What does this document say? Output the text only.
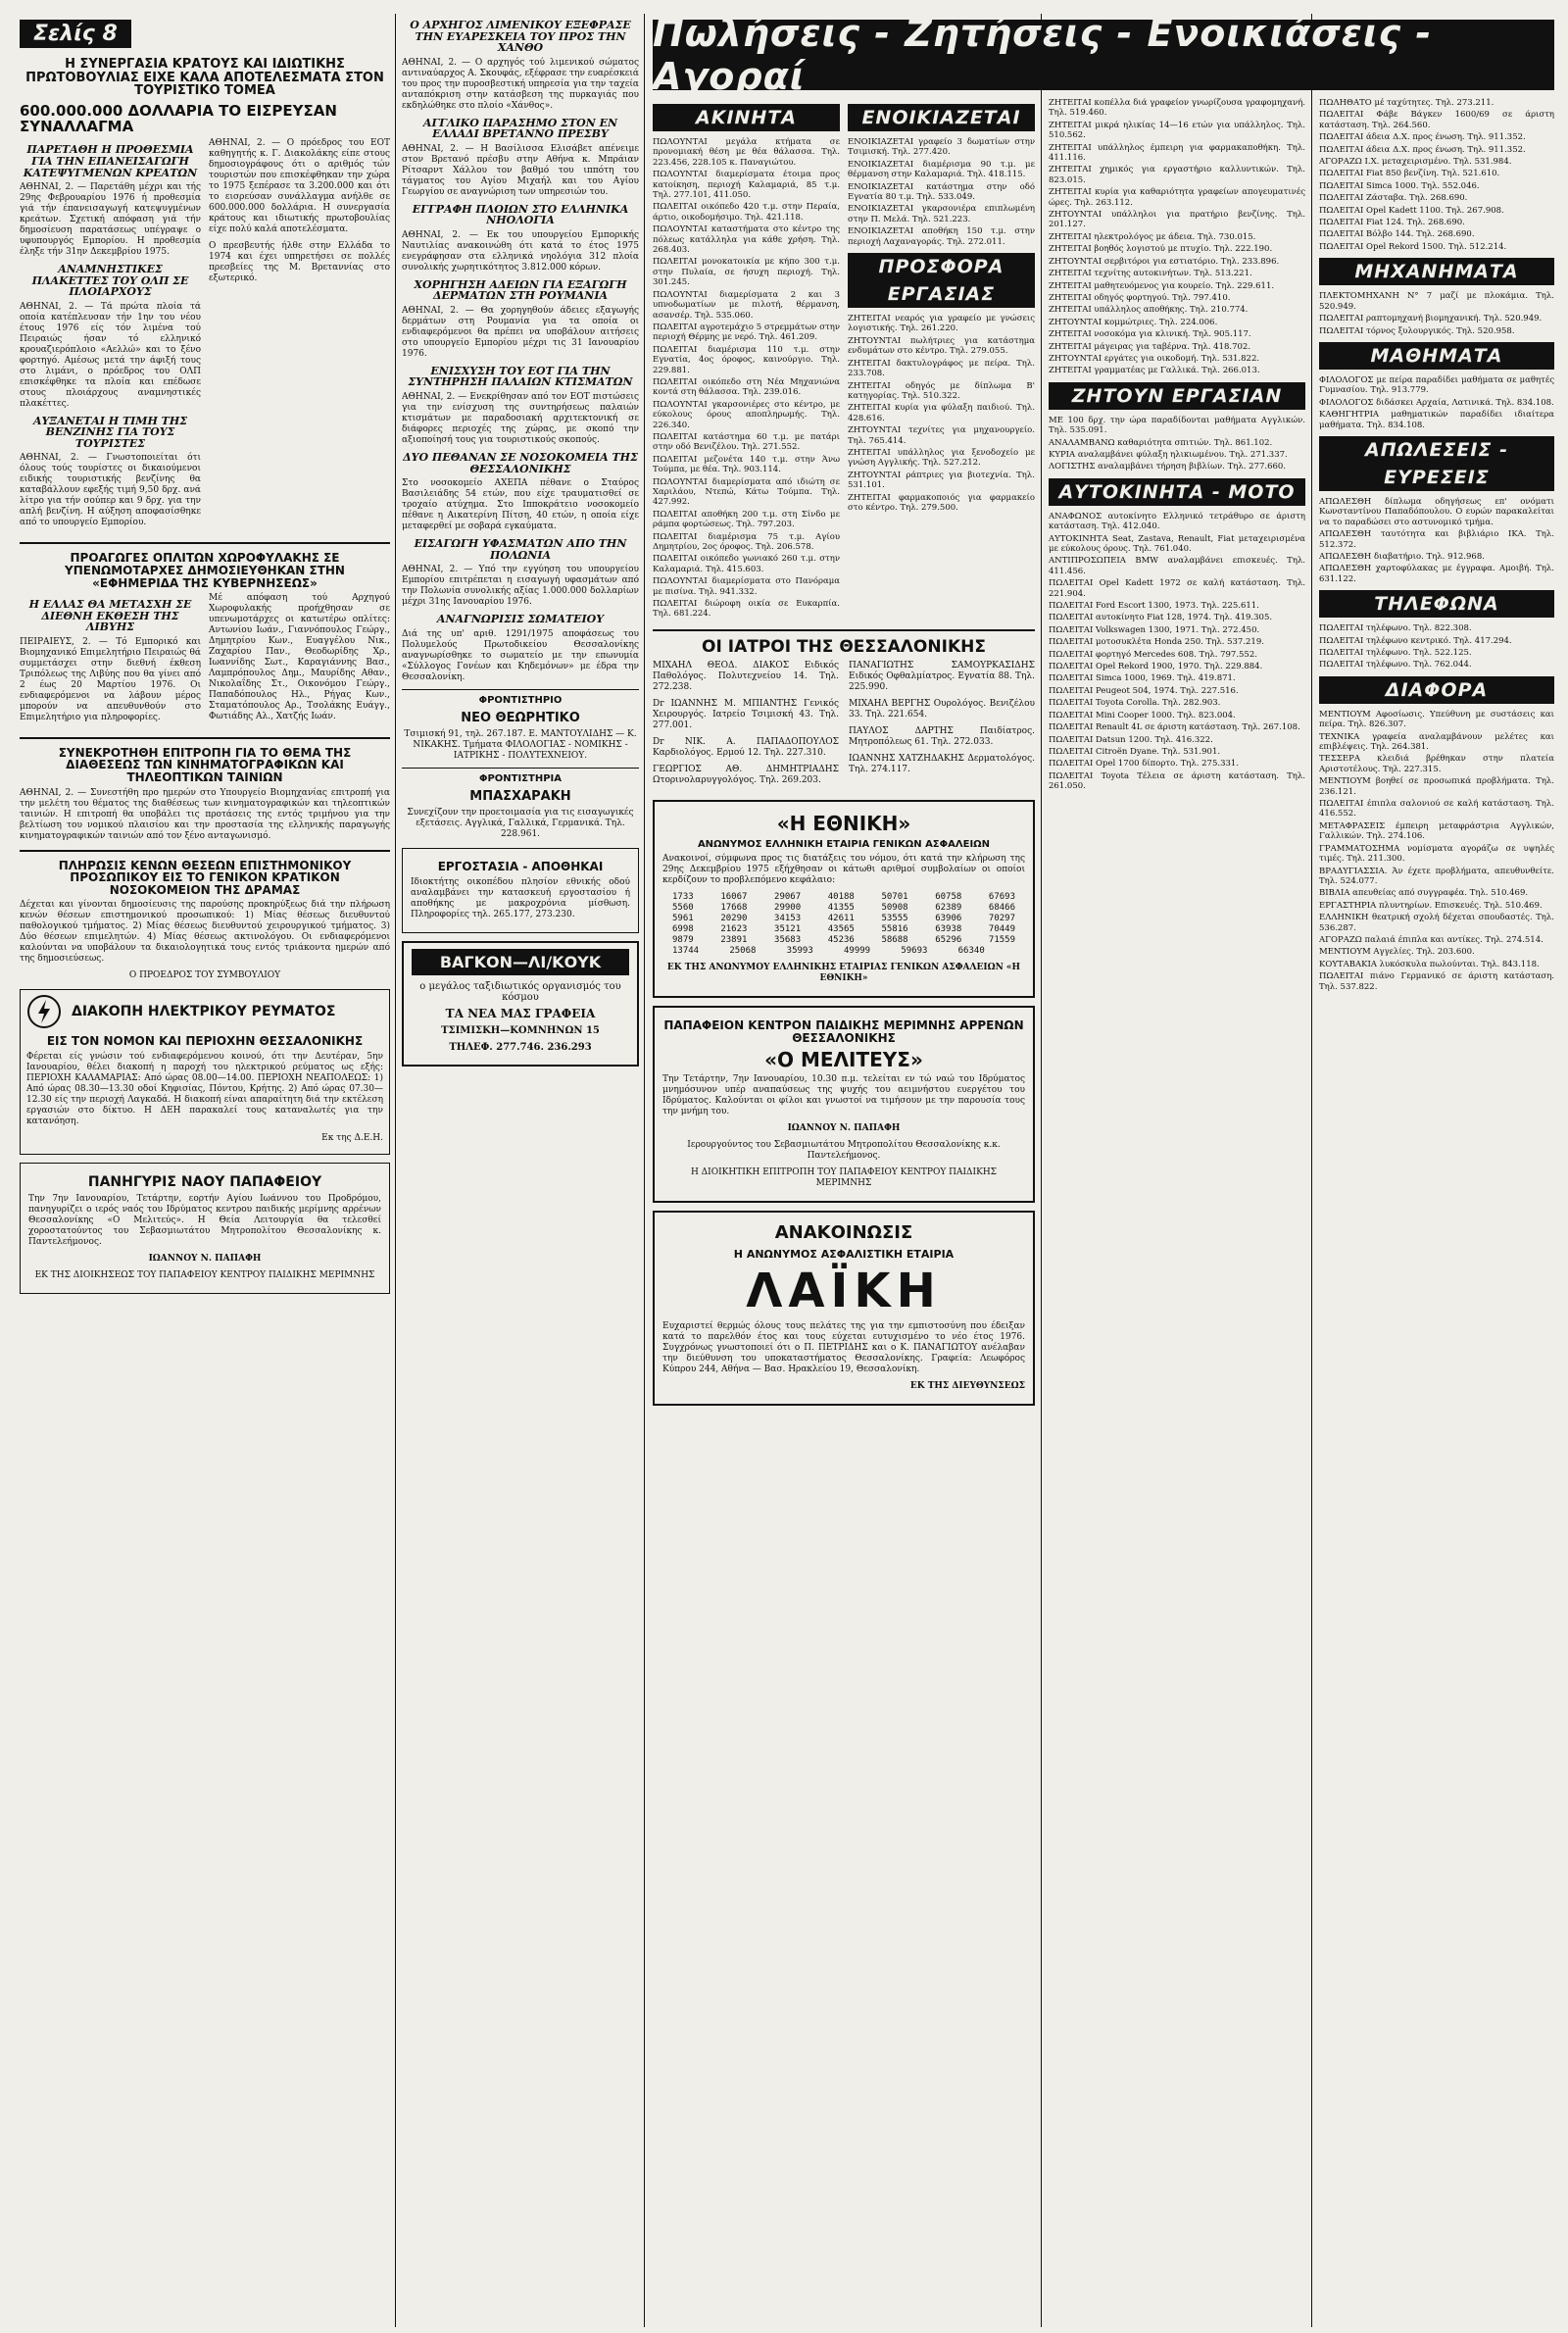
Πωλήσεις - Ζητήσεις - Ενοικιάσεις - Αγοραί
Σελίς 8
Η ΣΥΝΕΡΓΑΣΙΑ ΚΡΑΤΟΥΣ ΚΑΙ ΙΔΙΩΤΙΚΗΣ ΠΡΩΤΟΒΟΥΛΙΑΣ ΕΙΧΕ ΚΑΛΑ ΑΠΟΤΕΛΕΣΜΑΤΑ ΣΤΟΝ ΤΟΥΡΙΣΤΙΚΟ ΤΟΜΕΑ
600.000.000 ΔΟΛΛΑΡΙΑ ΤΟ ΕΙΣΡΕΥΣΑΝ ΣΥΝΑΛΛΑΓΜΑ
ΠΑΡΕΤΑΘΗ Η ΠΡΟΘΕΣΜΙΑ ΓΙΑ ΤΗΝ ΕΠΑΝΕΙΣΑΓΩΓΗ ΚΑΤΕΨΥΓΜΕΝΩΝ ΚΡΕΑΤΩΝ

ΑΘΗΝΑΙ, 2. — Παρετάθη μέχρι και τής 29ης Φεβρουαρίου 1976 ή προθεσμία γιά τήν έπανεισαγωγή κατεψυγμένων κρεάτων. Σχετική απόφαση γιά τήν δημοσίευση παρατάσεως υπέγραψε ο υφυπουργός Εμπορίου. Η προθεσμία έληξε τήν 31ην Δεκεμβρίου 1975.

ΑΝΑΜΝΗΣΤΙΚΕΣ ΠΛΑΚΕΤΤΕΣ ΤΟΥ ΟΛΠ ΣΕ ΠΛΟΙΑΡΧΟΥΣ

ΑΘΗΝΑΙ, 2. — Τά πρώτα πλοία τά οποία κατέπλευσαν τήν 1ην του νέου έτους 1976 είς τόν λιμένα τού Πειραιώς ήσαν τό ελληνικό κρουαζιερόπλοιο «Αελλώ» και το ξένο φορτηγό. Αμέσως μετά την άφιξή τους στο λιμάνι, ο πρόεδρος του ΟΛΠ επισκέφθηκε τα πλοία και επέδωσε στους πλοιάρχους αναμνηστικές πλακέττες.

ΑΥΞΑΝΕΤΑΙ Η ΤΙΜΗ ΤΗΣ ΒΕΝΖΙΝΗΣ ΓΙΑ ΤΟΥΣ ΤΟΥΡΙΣΤΕΣ

ΑΘΗΝΑΙ, 2. — Γνωστοποιείται ότι όλους τούς τουρίστες οι δικαιούμενοι ειδικής τουριστικής βενζίνης θα καταβάλλουν εφεξής τιμή 9,50 δρχ. ανά λίτρο για τήν σούπερ και 9 δρχ. για την απλή βενζίνη. Η αύξηση αποφασίσθηκε από το υπουργείο Εμπορίου.

ΑΘΗΝΑΙ, 2. — Ο πρόεδρος του ΕΟΤ καθηγητής κ. Γ. Διακολάκης είπε στους δημοσιογράφους ότι ο αριθμός τών τουριστών που επισκέφθηκαν την χώρα το 1975 ξεπέρασε τα 3.200.000 και ότι το εισρεύσαν συνάλλαγμα ανήλθε σε 600.000.000 δολλάρια. Η συνεργασία κράτους και ιδιωτικής πρωτοβουλίας είχε πολύ καλά αποτελέσματα.

Ο πρεσβευτής ήλθε στην Ελλάδα το 1974 και έχει υπηρετήσει σε πολλές πρεσβείες της Μ. Βρεταννίας στο εξωτερικό.

ΠΡΟΑΓΩΓΕΣ ΟΠΛΙΤΩΝ ΧΩΡΟΦΥΛΑΚΗΣ ΣΕ ΥΠΕΝΩΜΟΤΑΡΧΕΣ ΔΗΜΟΣΙΕΥΘΗΚΑΝ ΣΤΗΝ «ΕΦΗΜΕΡΙΔΑ ΤΗΣ ΚΥΒΕΡΝΗΣΕΩΣ»
Η ΕΛΛΑΣ ΘΑ ΜΕΤΑΣΧΗ ΣΕ ΔΙΕΘΝΗ ΕΚΘΕΣΗ ΤΗΣ ΛΙΒΥΗΣ

ΠΕΙΡΑΙΕΥΣ, 2. — Τό Εμπορικό και Βιομηχανικό Επιμελητήριο Πειραιώς θά συμμετάσχει στην διεθνή έκθεση Τριπόλεως της Λιβύης που θα γίνει από 2 έως 20 Μαρτίου 1976. Οι ενδιαφερόμενοι να λάβουν μέρος μπορούν να απευθυνθούν στο Επιμελητήριο για πληροφορίες.

Μέ απόφαση τού Αρχηγού Χωροφυλακής προήχθησαν σε υπενωμοτάρχες οι κατωτέρω οπλίτες: Αντωνίου Ιωάν., Γιαννόπουλος Γεώργ., Δημητρίου Κων., Ευαγγέλου Νικ., Ζαχαρίου Παν., Θεοδωρίδης Χρ., Ιωαννίδης Σωτ., Καραγιάννης Βασ., Λαμπρόπουλος Δημ., Μαυρίδης Αθαν., Νικολαΐδης Στ., Οικονόμου Γεώργ., Παπαδόπουλος Ηλ., Ρήγας Κων., Σταματόπουλος Αρ., Τσολάκης Ευάγγ., Φωτιάδης Αλ., Χατζής Ιωάν.

ΣΥΝΕΚΡΟΤΗΘΗ ΕΠΙΤΡΟΠΗ ΓΙΑ ΤΟ ΘΕΜΑ ΤΗΣ ΔΙΑΘΕΣΕΩΣ ΤΩΝ ΚΙΝΗΜΑΤΟΓΡΑΦΙΚΩΝ ΚΑΙ ΤΗΛΕΟΠΤΙΚΩΝ ΤΑΙΝΙΩΝ

ΑΘΗΝΑΙ, 2. — Συνεστήθη προ ημερών στο Υπουργείο Βιομηχανίας επιτροπή για την μελέτη του θέματος της διαθέσεως των κινηματογραφικών και τηλεοπτικών ταινιών. Η επιτροπή θα υποβάλει τις προτάσεις της εντός τριμήνου για την βελτίωση του νομικού πλαισίου και την προστασία της ελληνικής παραγωγής κινηματογραφικών ταινιών από τον ξένο ανταγωνισμό.

ΠΛΗΡΩΣΙΣ ΚΕΝΩΝ ΘΕΣΕΩΝ ΕΠΙΣΤΗΜΟΝΙΚΟΥ ΠΡΟΣΩΠΙΚΟΥ ΕΙΣ ΤΟ ΓΕΝΙΚΟΝ ΚΡΑΤΙΚΟΝ ΝΟΣΟΚΟΜΕΙΟΝ ΤΗΣ ΔΡΑΜΑΣ

Δέχεται και γίνονται δημοσίευσις της παρούσης προκηρύξεως διά την πλήρωση κενών θέσεων επιστημονικού προσωπικού: 1) Μίας θέσεως διευθυντού παθολογικού τμήματος. 2) Μίας θέσεως διευθυντού χειρουργικού τμήματος. 3) Δύο θέσεων επιμελητών. 4) Μίας θέσεως ακτινολόγου. Οι ενδιαφερόμενοι καλούνται να υποβάλουν τα δικαιολογητικά τους εντός τριάκοντα ημερών από της δημοσιεύσεως.

Ο ΠΡΟΕΔΡΟΣ ΤΟΥ ΣΥΜΒΟΥΛΙΟΥ

ΔΙΑΚΟΠΗ ΗΛΕΚΤΡΙΚΟΥ ΡΕΥΜΑΤΟΣ
ΕΙΣ ΤΟΝ ΝΟΜΟΝ ΚΑΙ ΠΕΡΙΟΧΗΝ ΘΕΣΣΑΛΟΝΙΚΗΣ

Φέρεται είς γνώσιν τού ενδιαφερόμενου κοινού, ότι την Δευτέραν, 5ην Ιανουαρίου, θέλει διακοπή η παροχή του ηλεκτρικού ρεύματος ως εξής: ΠΕΡΙΟΧΗ ΚΑΛΑΜΑΡΙΑΣ: Από ώρας 08.00—14.00. ΠΕΡΙΟΧΗ ΝΕΑΠΟΛΕΩΣ: 1) Από ώρας 08.30—13.30 οδοί Κηφισίας, Πόντου, Κρήτης. 2) Από ώρας 07.30—12.30 είς την περιοχή Λαγκαδά. Η διακοπή είναι απαραίτητη διά την εκτέλεση εργασιών στο δίκτυο. Η ΔΕΗ παρακαλεί τους καταναλωτές για την κατανόηση.

Εκ της Δ.Ε.Η.

ΠΑΝΗΓΥΡΙΣ ΝΑΟΥ ΠΑΠΑΦΕΙΟΥ

Την 7ην Ιανουαρίου, Τετάρτην, εορτήν Αγίου Ιωάννου του Προδρόμου, πανηγυρίζει ο ιερός ναός του Ιδρύματος κεντρου παιδικής μερίμνης αρρένων Θεσσαλονίκης «Ο Μελιτεύς». Η Θεία Λειτουργία θα τελεσθεί χοροστατούντος του Σεβασμιωτάτου Μητροπολίτου Θεσσαλονίκης κ. Παντελεήμονος.

ΙΩΑΝΝΟΥ Ν. ΠΑΠΑΦΗ

ΕΚ ΤΗΣ ΔΙΟΙΚΗΣΕΩΣ ΤΟΥ ΠΑΠΑΦΕΙΟΥ ΚΕΝΤΡΟΥ ΠΑΙΔΙΚΗΣ ΜΕΡΙΜΝΗΣ

Ο ΑΡΧΗΓΟΣ ΛΙΜΕΝΙΚΟΥ ΕΞΕΦΡΑΣΕ ΤΗΝ ΕΥΑΡΕΣΚΕΙΑ ΤΟΥ ΠΡΟΣ ΤΗΝ ΧΑΝΘΟ

ΑΘΗΝΑΙ, 2. — Ο αρχηγός τού λιμενικού σώματος αντιναύαρχος Α. Σκουφάς, εξέφρασε την ευαρέσκειά του προς την πυροσβεστική υπηρεσία για την ταχεία ανταπόκριση στην κατάσβεση της πυρκαγιάς που εκδηλώθηκε στο πλοίο «Χάνθος».

ΑΓΓΛΙΚΟ ΠΑΡΑΣΗΜΟ ΣΤΟΝ ΕΝ ΕΛΛΑΔΙ ΒΡΕΤΑΝΝΟ ΠΡΕΣΒΥ

ΑΘΗΝΑΙ, 2. — Η Βασίλισσα Ελισάβετ απένειμε στον Βρετανό πρέσβυ στην Αθήνα κ. Μπράιαν Ρίτσαρντ Χάλλου τον βαθμό του ιππότη του τάγματος του Αγίου Μιχαήλ και του Αγίου Γεωργίου σε αναγνώριση των υπηρεσιών του.

ΕΓΓΡΑΦΗ ΠΛΟΙΩΝ ΣΤΟ ΕΛΛΗΝΙΚΑ ΝΗΟΛΟΓΙΑ

ΑΘΗΝΑΙ, 2. — Εκ του υπουργείου Εμπορικής Ναυτιλίας ανακοινώθη ότι κατά το έτος 1975 ενεγράφησαν στα ελληνικά νηολόγια 312 πλοία συνολικής χωρητικότητος 3.812.000 κόρων.

ΧΟΡΗΓΗΣΗ ΑΔΕΙΩΝ ΓΙΑ ΕΞΑΓΩΓΗ ΔΕΡΜΑΤΩΝ ΣΤΗ ΡΟΥΜΑΝΙΑ

ΑΘΗΝΑΙ, 2. — Θα χορηγηθούν άδειες εξαγωγής δερμάτων στη Ρουμανία για τα οποία οι ενδιαφερόμενοι θα πρέπει να υποβάλουν αιτήσεις στο υπουργείο Εμπορίου μέχρι τις 31 Ιανουαρίου 1976.

ΕΝΙΣΧΥΣΗ ΤΟΥ ΕΟΤ ΓΙΑ ΤΗΝ ΣΥΝΤΗΡΗΣΗ ΠΑΛΑΙΩΝ ΚΤΙΣΜΑΤΩΝ

ΑΘΗΝΑΙ, 2. — Ενεκρίθησαν από τον ΕΟΤ πιστώσεις για την ενίσχυση της συντηρήσεως παλαιών κτισμάτων με παραδοσιακή αρχιτεκτονική σε διάφορες περιοχές της χώρας, με σκοπό την αξιοποίησή τους για τουριστικούς σκοπούς.

ΔΥΟ ΠΕΘΑΝΑΝ ΣΕ ΝΟΣΟΚΟΜΕΙΑ ΤΗΣ ΘΕΣΣΑΛΟΝΙΚΗΣ

Στο νοσοκομείο ΑΧΕΠΑ πέθανε ο Σταύρος Βασιλειάδης 54 ετών, που είχε τραυματισθεί σε τροχαίο ατύχημα. Στο Ιπποκράτειο νοσοκομείο πέθανε η Αικατερίνη Πίτση, 40 ετών, η οποία είχε μεταφερθεί με σοβαρά εγκαύματα.

ΕΙΣΑΓΩΓΗ ΥΦΑΣΜΑΤΩΝ ΑΠΟ ΤΗΝ ΠΟΛΩΝΙΑ

ΑΘΗΝΑΙ, 2. — Υπό την εγγύηση του υπουργείου Εμπορίου επιτρέπεται η εισαγωγή υφασμάτων από την Πολωνία συνολικής αξίας 1.000.000 δολλαρίων μέχρι 31ης Ιανουαρίου 1976.

ΑΝΑΓΝΩΡΙΣΙΣ ΣΩΜΑΤΕΙΟΥ

Διά της υπ' αριθ. 1291/1975 αποφάσεως του Πολυμελούς Πρωτοδικείου Θεσσαλονίκης αναγνωρίσθηκε το σωματείο με την επωνυμία «Σύλλογος Γονέων και Κηδεμόνων» με έδρα την Θεσσαλονίκη.

ΦΡΟΝΤΙΣΤΗΡΙΟ
ΝΕΟ ΘΕΩΡΗΤΙΚΟ

Τσιμισκή 91, τηλ. 267.187. Ε. ΜΑΝΤΟΥΛΙΔΗΣ — Κ. ΝΙΚΑΚΗΣ. Τμήματα ΦΙΛΟΛΟΓΙΑΣ - ΝΟΜΙΚΗΣ - ΙΑΤΡΙΚΗΣ - ΠΟΛΥΤΕΧΝΕΙΟΥ.

ΦΡΟΝΤΙΣΤΗΡΙΑ
ΜΠΑΣΧΑΡΑΚΗ

Συνεχίζουν την προετοιμασία για τις εισαγωγικές εξετάσεις. Αγγλικά, Γαλλικά, Γερμανικά. Τηλ. 228.961.

ΕΡΓΟΣΤΑΣΙΑ - ΑΠΟΘΗΚΑΙ

Ιδιοκτήτης οικοπέδου πλησίον εθνικής οδού αναλαμβάνει την κατασκευή εργοστασίου ή αποθήκης με μακροχρόνια μίσθωση. Πληροφορίες τηλ. 265.177, 273.230.

ΒΑΓΚΟΝ—ΛΙ/ΚΟΥΚ

ο μεγάλος ταξιδιωτικός οργανισμός του κόσμου

ΤΑ ΝΕΑ ΜΑΣ ΓΡΑΦΕΙΑ

ΤΣΙΜΙΣΚΗ—ΚΟΜΝΗΝΩΝ 15

ΤΗΛΕΦ. 277.746. 236.293

ΑΚΙΝΗΤΑ

ΠΩΛΟΥΝΤΑΙ μεγάλα κτήματα σε προνομιακή θέση με θέα θάλασσα. Τηλ. 223.456, 228.105 κ. Παναγιώτου.

ΠΩΛΟΥΝΤΑΙ διαμερίσματα έτοιμα προς κατοίκηση, περιοχή Καλαμαριά, 85 τ.μ. Τηλ. 277.101, 411.050.

ΠΩΛΕΙΤΑΙ οικόπεδο 420 τ.μ. στην Περαία, άρτιο, οικοδομήσιμο. Τηλ. 421.118.

ΠΩΛΟΥΝΤΑΙ καταστήματα στο κέντρο της πόλεως κατάλληλα για κάθε χρήση. Τηλ. 268.403.

ΠΩΛΕΙΤΑΙ μονοκατοικία με κήπο 300 τ.μ. στην Πυλαία, σε ήσυχη περιοχή. Τηλ. 301.245.

ΠΩΛΟΥΝΤΑΙ διαμερίσματα 2 και 3 υπνοδωματίων με πιλοτή, θέρμανση, ασανσέρ. Τηλ. 535.060.

ΠΩΛΕΙΤΑΙ αγροτεμάχιο 5 στρεμμάτων στην περιοχή Θέρμης με νερό. Τηλ. 461.209.

ΠΩΛΕΙΤΑΙ διαμέρισμα 110 τ.μ. στην Εγνατία, 4ος όροφος, καινούργιο. Τηλ. 229.881.

ΠΩΛΕΙΤΑΙ οικόπεδο στη Νέα Μηχανιώνα κοντά στη θάλασσα. Τηλ. 239.016.

ΠΩΛΟΥΝΤΑΙ γκαρσονιέρες στο κέντρο, με εύκολους όρους αποπληρωμής. Τηλ. 226.340.

ΠΩΛΕΙΤΑΙ κατάστημα 60 τ.μ. με πατάρι στην οδό Βενιζέλου. Τηλ. 271.552.

ΠΩΛΕΙΤΑΙ μεζονέτα 140 τ.μ. στην Άνω Τούμπα, με θέα. Τηλ. 903.114.

ΠΩΛΟΥΝΤΑΙ διαμερίσματα από ιδιώτη σε Χαριλάου, Ντεπώ, Κάτω Τούμπα. Τηλ. 427.992.

ΠΩΛΕΙΤΑΙ αποθήκη 200 τ.μ. στη Σίνδο με ράμπα φορτώσεως. Τηλ. 797.203.

ΠΩΛΕΙΤΑΙ διαμέρισμα 75 τ.μ. Αγίου Δημητρίου, 2ος όροφος. Τηλ. 206.578.

ΠΩΛΕΙΤΑΙ οικόπεδο γωνιακό 260 τ.μ. στην Καλαμαριά. Τηλ. 415.603.

ΠΩΛΟΥΝΤΑΙ διαμερίσματα στο Πανόραμα με πισίνα. Τηλ. 941.332.

ΠΩΛΕΙΤΑΙ διώροφη οικία σε Ευκαρπία. Τηλ. 681.224.

ΕΝΟΙΚΙΑΖΕΤΑΙ

ΕΝΟΙΚΙΑΖΕΤΑΙ γραφείο 3 δωματίων στην Τσιμισκή. Τηλ. 277.420.

ΕΝΟΙΚΙΑΖΕΤΑΙ διαμέρισμα 90 τ.μ. με θέρμανση στην Καλαμαριά. Τηλ. 418.115.

ΕΝΟΙΚΙΑΖΕΤΑΙ κατάστημα στην οδό Εγνατία 80 τ.μ. Τηλ. 533.049.

ΕΝΟΙΚΙΑΖΕΤΑΙ γκαρσονιέρα επιπλωμένη στην Π. Μελά. Τηλ. 521.223.

ΕΝΟΙΚΙΑΖΕΤΑΙ αποθήκη 150 τ.μ. στην περιοχή Λαχαναγοράς. Τηλ. 272.011.

ΠΡΟΣΦΟΡΑ ΕΡΓΑΣΙΑΣ

ΖΗΤΕΙΤΑΙ νεαρός για γραφείο με γνώσεις λογιστικής. Τηλ. 261.220.

ΖΗΤΟΥΝΤΑΙ πωλήτριες για κατάστημα ενδυμάτων στο κέντρο. Τηλ. 279.055.

ΖΗΤΕΙΤΑΙ δακτυλογράφος με πείρα. Τηλ. 233.708.

ΖΗΤΕΙΤΑΙ οδηγός με δίπλωμα Β' κατηγορίας. Τηλ. 510.322.

ΖΗΤΕΙΤΑΙ κυρία για φύλαξη παιδιού. Τηλ. 428.616.

ΖΗΤΟΥΝΤΑΙ τεχνίτες για μηχανουργείο. Τηλ. 765.414.

ΖΗΤΕΙΤΑΙ υπάλληλος για ξενοδοχείο με γνώση Αγγλικής. Τηλ. 527.212.

ΖΗΤΟΥΝΤΑΙ ράπτριες για βιοτεχνία. Τηλ. 531.101.

ΖΗΤΕΙΤΑΙ φαρμακοποιός για φαρμακείο στο κέντρο. Τηλ. 279.500.

ΟΙ ΙΑΤΡΟΙ ΤΗΣ ΘΕΣΣΑΛΟΝΙΚΗΣ

ΜΙΧΑΗΛ ΘΕΟΔ. ΔΙΑΚΟΣ Ειδικός Παθολόγος. Πολυτεχνείου 14. Τηλ. 272.238.

Dr ΙΩΑΝΝΗΣ Μ. ΜΠΙΑΝΤΗΣ Γενικός Χειρουργός. Ιατρείο Τσιμισκή 43. Τηλ. 277.001.

Dr ΝΙΚ. Α. ΠΑΠΑΔΟΠΟΥΛΟΣ Καρδιολόγος. Ερμού 12. Τηλ. 227.310.

ΓΕΩΡΓΙΟΣ ΑΘ. ΔΗΜΗΤΡΙΑΔΗΣ Ωτορινολαρυγγολόγος. Τηλ. 269.203.

ΠΑΝΑΓΙΩΤΗΣ ΣΑΜΟΥΡΚΑΣΙΔΗΣ Ειδικός Οφθαλμίατρος. Εγνατία 88. Τηλ. 225.990.

ΜΙΧΑΗΛ ΒΕΡΓΗΣ Ουρολόγος. Βενιζέλου 33. Τηλ. 221.654.

ΠΑΥΛΟΣ ΔΑΡΤΗΣ Παιδίατρος. Μητροπόλεως 61. Τηλ. 272.033.

ΙΩΑΝΝΗΣ ΧΑΤΖΗΔΑΚΗΣ Δερματολόγος. Τηλ. 274.117.

«Η ΕΘΝΙΚΗ»
ΑΝΩΝΥΜΟΣ ΕΛΛΗΝΙΚΗ ΕΤΑΙΡΙΑ ΓΕΝΙΚΩΝ ΑΣΦΑΛΕΙΩΝ

Ανακοινοί, σύμφωνα προς τις διατάξεις του νόμου, ότι κατά την κλήρωση της 29ης Δεκεμβρίου 1975 εξήχθησαν οι κάτωθι αριθμοί συμβολαίων οι οποίοι κερδίζουν το προβλεπόμενο κεφάλαιο:

1733	16067	29067	40188	50701	60758	67693
5560	17668	29900	41355	50908	62389	68466
5961	20290	34153	42611	53555	63906	70297
6998	21623	35121	43565	55816	63938	70449
9879	23891	35683	45236	58688	65296	71559
13744	25068	35993	49999	59693	66340

ΕΚ ΤΗΣ ΑΝΩΝΥΜΟΥ ΕΛΛΗΝΙΚΗΣ ΕΤΑΙΡΙΑΣ ΓΕΝΙΚΩΝ ΑΣΦΑΛΕΙΩΝ «Η ΕΘΝΙΚΗ»

ΠΑΠΑΦΕΙΟΝ ΚΕΝΤΡΟΝ ΠΑΙΔΙΚΗΣ ΜΕΡΙΜΝΗΣ ΑΡΡΕΝΩΝ ΘΕΣΣΑΛΟΝΙΚΗΣ
«Ο ΜΕΛΙΤΕΥΣ»

Την Τετάρτην, 7ην Ιανουαρίου, 10.30 π.μ. τελείται εν τώ ναώ του Ιδρύματος μνημόσυνον υπέρ αναπαύσεως της ψυχής του αειμνήστου ευεργέτου του Ιδρύματος. Καλούνται οι φίλοι και γνωστοί να τιμήσουν με την παρουσία τους την μνήμη του.

ΙΩΑΝΝΟΥ Ν. ΠΑΠΑΦΗ

Ιερουργούντος του Σεβασμιωτάτου Μητροπολίτου Θεσσαλονίκης κ.κ. Παντελεήμονος.

Η ΔΙΟΙΚΗΤΙΚΗ ΕΠΙΤΡΟΠΗ ΤΟΥ ΠΑΠΑΦΕΙΟΥ ΚΕΝΤΡΟΥ ΠΑΙΔΙΚΗΣ ΜΕΡΙΜΝΗΣ

ΑΝΑΚΟΙΝΩΣΙΣ
Η ΑΝΩΝΥΜΟΣ ΑΣΦΑΛΙΣΤΙΚΗ ΕΤΑΙΡΙΑ
ΛΑΪΚΗ

Ευχαριστεί θερμώς όλους τους πελάτες της για την εμπιστοσύνη που έδειξαν κατά το παρελθόν έτος και τους εύχεται ευτυχισμένο το νέο έτος 1976. Συγχρόνως γνωστοποιεί ότι ο Π. ΠΕΤΡΙΔΗΣ και ο Κ. ΠΑΝΑΓΙΩΤΟΥ ανέλαβαν την διεύθυνση του υποκαταστήματος Θεσσαλονίκης. Γραφεία: Λεωφόρος Κύπρου 244, Αθήνα — Βασ. Ηρακλείου 19, Θεσσαλονίκη.

ΕΚ ΤΗΣ ΔΙΕΥΘΥΝΣΕΩΣ

ΖΗΤΕΙΤΑΙ κοπέλλα διά γραφείον γνωρίζουσα γραφομηχανή. Τηλ. 519.460.

ΖΗΤΕΙΤΑΙ μικρά ηλικίας 14—16 ετών για υπάλληλος. Τηλ. 510.562.

ΖΗΤΕΙΤΑΙ υπάλληλος έμπειρη για φαρμακαποθήκη. Τηλ. 411.116.

ΖΗΤΕΙΤΑΙ χημικός για εργαστήριο καλλυντικών. Τηλ. 823.015.

ΖΗΤΕΙΤΑΙ κυρία για καθαριότητα γραφείων απογευματινές ώρες. Τηλ. 263.112.

ΖΗΤΟΥΝΤΑΙ υπάλληλοι για πρατήριο βενζίνης. Τηλ. 201.127.

ΖΗΤΕΙΤΑΙ ηλεκτρολόγος με άδεια. Τηλ. 730.015.

ΖΗΤΕΙΤΑΙ βοηθός λογιστού με πτυχίο. Τηλ. 222.190.

ΖΗΤΟΥΝΤΑΙ σερβιτόροι για εστιατόριο. Τηλ. 233.896.

ΖΗΤΕΙΤΑΙ τεχνίτης αυτοκινήτων. Τηλ. 513.221.

ΖΗΤΕΙΤΑΙ μαθητευόμενος για κουρείο. Τηλ. 229.611.

ΖΗΤΕΙΤΑΙ οδηγός φορτηγού. Τηλ. 797.410.

ΖΗΤΕΙΤΑΙ υπάλληλος αποθήκης. Τηλ. 210.774.

ΖΗΤΟΥΝΤΑΙ κομμώτριες. Τηλ. 224.006.

ΖΗΤΕΙΤΑΙ νοσοκόμα για κλινική. Τηλ. 905.117.

ΖΗΤΕΙΤΑΙ μάγειρας για ταβέρνα. Τηλ. 418.702.

ΖΗΤΟΥΝΤΑΙ εργάτες για οικοδομή. Τηλ. 531.822.

ΖΗΤΕΙΤΑΙ γραμματέας με Γαλλικά. Τηλ. 266.013.

ΖΗΤΟΥΝ ΕΡΓΑΣΙΑΝ

ΜΕ 100 δρχ. την ώρα παραδίδονται μαθήματα Αγγλικών. Τηλ. 535.091.

ΑΝΑΛΑΜΒΑΝΩ καθαριότητα σπιτιών. Τηλ. 861.102.

ΚΥΡΙΑ αναλαμβάνει φύλαξη ηλικιωμένου. Τηλ. 271.337.

ΛΟΓΙΣΤΗΣ αναλαμβάνει τήρηση βιβλίων. Τηλ. 277.660.

ΑΥΤΟΚΙΝΗΤΑ - ΜΟΤΟ

ΑΝΑΦΩΝΟΣ αυτοκίνητο Ελληνικό τετράθυρο σε άριστη κατάσταση. Τηλ. 412.040.

ΑΥΤΟΚΙΝΗΤΑ Seat, Zastava, Renault, Fiat μεταχειρισμένα με εύκολους όρους. Τηλ. 761.040.

ΑΝΤΙΠΡΟΣΩΠΕΙΑ BMW αναλαμβάνει επισκευές. Τηλ. 411.456.

ΠΩΛΕΙΤΑΙ Opel Kadett 1972 σε καλή κατάσταση. Τηλ. 221.904.

ΠΩΛΕΙΤΑΙ Ford Escort 1300, 1973. Τηλ. 225.611.

ΠΩΛΕΙΤΑΙ αυτοκίνητο Fiat 128, 1974. Τηλ. 419.305.

ΠΩΛΕΙΤΑΙ Volkswagen 1300, 1971. Τηλ. 272.450.

ΠΩΛΕΙΤΑΙ μοτοσυκλέτα Honda 250. Τηλ. 537.219.

ΠΩΛΕΙΤΑΙ φορτηγό Mercedes 608. Τηλ. 797.552.

ΠΩΛΕΙΤΑΙ Opel Rekord 1900, 1970. Τηλ. 229.884.

ΠΩΛΕΙΤΑΙ Simca 1000, 1969. Τηλ. 419.871.

ΠΩΛΕΙΤΑΙ Peugeot 504, 1974. Τηλ. 227.516.

ΠΩΛΕΙΤΑΙ Toyota Corolla. Τηλ. 282.903.

ΠΩΛΕΙΤΑΙ Mini Cooper 1000. Τηλ. 823.004.

ΠΩΛΕΙΤΑΙ Renault 4L σε άριστη κατάσταση. Τηλ. 267.108.

ΠΩΛΕΙΤΑΙ Datsun 1200. Τηλ. 416.322.

ΠΩΛΕΙΤΑΙ Citroën Dyane. Τηλ. 531.901.

ΠΩΛΕΙΤΑΙ Opel 1700 δίπορτο. Τηλ. 275.331.

ΠΩΛΕΙΤΑΙ Toyota Τέλεια σε άριστη κατάσταση. Τηλ. 261.050.

ΠΩΛΗΘΑΤΟ μέ ταχύτητες. Τηλ. 273.211.

ΠΩΛΕΙΤΑΙ Φάβε Βάγκεν 1600/69 σε άριστη κατάσταση. Τηλ. 264.560.

ΠΩΛΕΙΤΑΙ άδεια Δ.Χ. προς ένωση. Τηλ. 911.352.

ΠΩΛΕΙΤΑΙ άδεια Δ.Χ. προς ένωση. Τηλ. 911.352.

ΑΓΟΡΑΖΩ Ι.Χ. μεταχειρισμένο. Τηλ. 531.984.

ΠΩΛΕΙΤΑΙ Fiat 850 βενζίνη. Τηλ. 521.610.

ΠΩΛΕΙΤΑΙ Simca 1000. Τηλ. 552.046.

ΠΩΛΕΙΤΑΙ Ζάσταβα. Τηλ. 268.690.

ΠΩΛΕΙΤΑΙ Opel Kadett 1100. Τηλ. 267.908.

ΠΩΛΕΙΤΑΙ Fiat 124. Τηλ. 268.690.

ΠΩΛΕΙΤΑΙ Βόλβο 144. Τηλ. 268.690.

ΠΩΛΕΙΤΑΙ Opel Rekord 1500. Τηλ. 512.214.

ΜΗΧΑΝΗΜΑΤΑ

ΠΛΕΚΤΟΜΗΧΑΝΗ Ν° 7 μαζί με πλοκάμια. Τηλ. 520.949.

ΠΩΛΕΙΤΑΙ ραπτομηχανή βιομηχανική. Τηλ. 520.949.

ΠΩΛΕΙΤΑΙ τόρνος ξυλουργικός. Τηλ. 520.958.

ΜΑΘΗΜΑΤΑ

ΦΙΛΟΛΟΓΟΣ με πείρα παραδίδει μαθήματα σε μαθητές Γυμνασίου. Τηλ. 913.779.

ΦΙΛΟΛΟΓΟΣ διδάσκει Αρχαία, Λατινικά. Τηλ. 834.108.

ΚΑΘΗΓΗΤΡΙΑ μαθηματικών παραδίδει ιδιαίτερα μαθήματα. Τηλ. 834.108.

ΑΠΩΛΕΣΕΙΣ - ΕΥΡΕΣΕΙΣ

ΑΠΩΛΕΣΘΗ δίπλωμα οδηγήσεως επ' ονόματι Κωνσταντίνου Παπαδόπουλου. Ο ευρών παρακαλείται να το παραδώσει στο αστυνομικό τμήμα.

ΑΠΩΛΕΣΘΗ ταυτότητα και βιβλιάριο ΙΚΑ. Τηλ. 512.372.

ΑΠΩΛΕΣΘΗ διαβατήριο. Τηλ. 912.968.

ΑΠΩΛΕΣΘΗ χαρτοφύλακας με έγγραφα. Αμοιβή. Τηλ. 631.122.

ΤΗΛΕΦΩΝΑ

ΠΩΛΕΙΤΑΙ τηλέφωνο. Τηλ. 822.308.

ΠΩΛΕΙΤΑΙ τηλέφωνο κεντρικό. Τηλ. 417.294.

ΠΩΛΕΙΤΑΙ τηλέφωνο. Τηλ. 522.125.

ΠΩΛΕΙΤΑΙ τηλέφωνο. Τηλ. 762.044.

ΔΙΑΦΟΡΑ

ΜΕΝΤΙΟΥΜ Αφοσίωσις. Υπεύθυνη με συστάσεις και πείρα. Τηλ. 826.307.

ΤΕΧΝΙΚΑ γραφεία αναλαμβάνουν μελέτες και επιβλέψεις. Τηλ. 264.381.

ΤΕΣΣΕΡΑ κλειδιά βρέθηκαν στην πλατεία Αριστοτέλους. Τηλ. 227.315.

ΜΕΝΤΙΟΥΜ βοηθεί σε προσωπικά προβλήματα. Τηλ. 236.121.

ΠΩΛΕΙΤΑΙ έπιπλα σαλονιού σε καλή κατάσταση. Τηλ. 416.552.

ΜΕΤΑΦΡΑΣΕΙΣ έμπειρη μεταφράστρια Αγγλικών, Γαλλικών. Τηλ. 274.106.

ΓΡΑΜΜΑΤΟΣΗΜΑ νομίσματα αγοράζω σε υψηλές τιμές. Τηλ. 211.300.

ΒΡΑΔΥΓΙΑΣΣΙΑ. Άν έχετε προβλήματα, απευθυνθείτε. Τηλ. 524.077.

ΒΙΒΛΙΑ απευθείας από συγγραφέα. Τηλ. 510.469.

ΕΡΓΑΣΤΗΡΙΑ πλυντηρίων. Επισκευές. Τηλ. 510.469.

ΕΛΛΗΝΙΚΗ θεατρική σχολή δέχεται σπουδαστές. Τηλ. 536.287.

ΑΓΟΡΑΖΩ παλαιά έπιπλα και αντίκες. Τηλ. 274.514.

ΜΕΝΤΙΟΥΜ Αγγελίες. Τηλ. 203.600.

ΚΟΥΤΑΒΑΚΙΑ λυκόσκυλα πωλούνται. Τηλ. 843.118.

ΠΩΛΕΙΤΑΙ πιάνο Γερμανικό σε άριστη κατάσταση. Τηλ. 537.822.
